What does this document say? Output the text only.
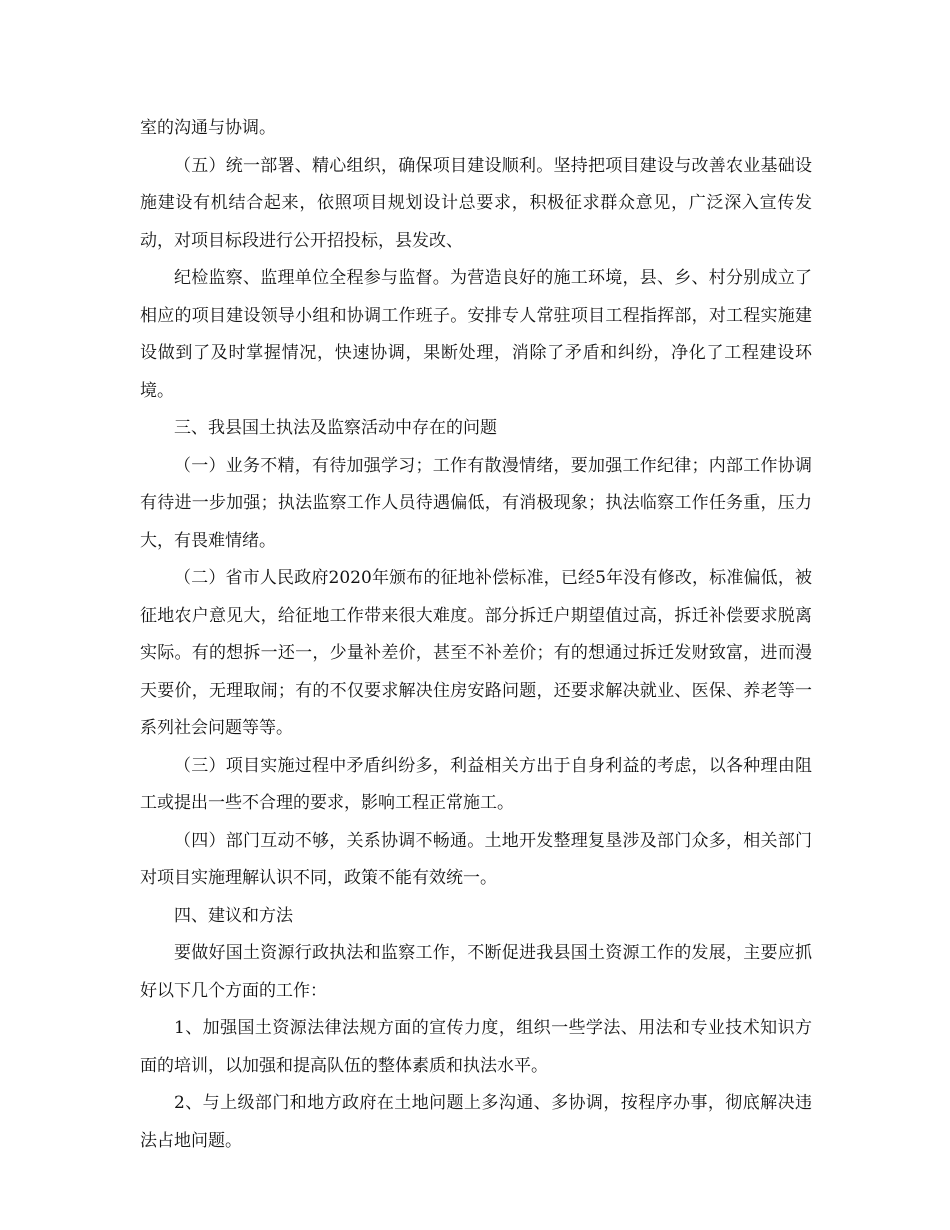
室的沟通与协调。

（五）统一部署、精心组织，确保项目建设顺利。坚持把项目建设与改善农业基础设施建设有机结合起来，依照项目规划设计总要求，积极征求群众意见，广泛深入宣传发动，对项目标段进行公开招投标，县发改、

纪检监察、监理单位全程参与监督。为营造良好的施工环境，县、乡、村分别成立了相应的项目建设领导小组和协调工作班子。安排专人常驻项目工程指挥部，对工程实施建设做到了及时掌握情况，快速协调，果断处理，消除了矛盾和纠纷，净化了工程建设环境。

三、我县国土执法及监察活动中存在的问题

（一）业务不精，有待加强学习；工作有散漫情绪，要加强工作纪律；内部工作协调有待进一步加强；执法监察工作人员待遇偏低，有消极现象；执法临察工作任务重，压力大，有畏难情绪。

（二）省市人民政府2020年颁布的征地补偿标准，已经5年没有修改，标准偏低，被征地农户意见大，给征地工作带来很大难度。部分拆迁户期望值过高，拆迁补偿要求脱离实际。有的想拆一还一，少量补差价，甚至不补差价；有的想通过拆迁发财致富，进而漫天要价，无理取闹；有的不仅要求解决住房安路问题，还要求解决就业、医保、养老等一系列社会问题等等。

（三）项目实施过程中矛盾纠纷多，利益相关方出于自身利益的考虑，以各种理由阻工或提出一些不合理的要求，影响工程正常施工。

（四）部门互动不够，关系协调不畅通。土地开发整理复垦涉及部门众多，相关部门对项目实施理解认识不同，政策不能有效统一。

四、建议和方法

要做好国土资源行政执法和监察工作，不断促进我县国土资源工作的发展，主要应抓好以下几个方面的工作：

1、加强国土资源法律法规方面的宣传力度，组织一些学法、用法和专业技术知识方面的培训，以加强和提高队伍的整体素质和执法水平。

2、与上级部门和地方政府在土地问题上多沟通、多协调，按程序办事，彻底解决违法占地问题。
